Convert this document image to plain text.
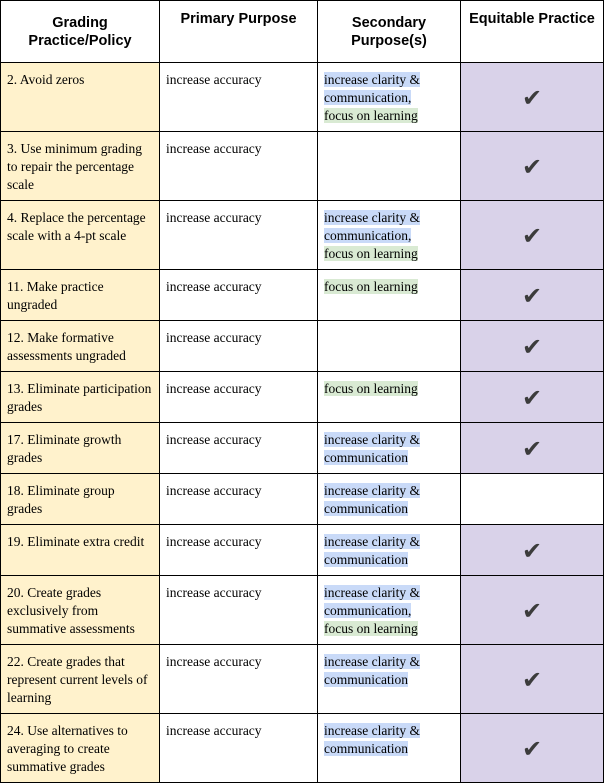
Grading
Practice/Policy	Primary Purpose	Secondary
Purpose(s)	Equitable Practice
2. Avoid zeros	increase accuracy	increase clarity &
communication,
focus on learning	✔
3. Use minimum grading to repair the percentage scale	increase accuracy		✔
4. Replace the percentage scale with a 4-pt scale	increase accuracy	increase clarity &
communication,
focus on learning	✔
11. Make practice ungraded	increase accuracy	focus on learning	✔
12. Make formative assessments ungraded	increase accuracy		✔
13. Eliminate participation grades	increase accuracy	focus on learning	✔
17. Eliminate growth grades	increase accuracy	increase clarity &
communication	✔
18. Eliminate group grades	increase accuracy	increase clarity &
communication	
19. Eliminate extra credit	increase accuracy	increase clarity &
communication	✔
20. Create grades exclusively from summative assessments	increase accuracy	increase clarity &
communication,
focus on learning	✔
22. Create grades that represent current levels of learning	increase accuracy	increase clarity &
communication	✔
24. Use alternatives to averaging to create summative grades	increase accuracy	increase clarity &
communication	✔
